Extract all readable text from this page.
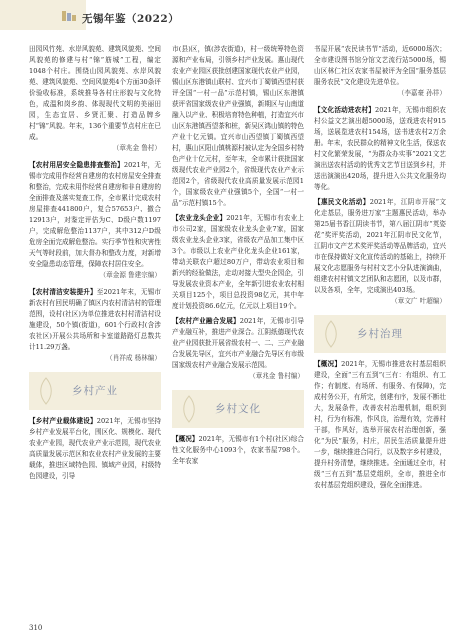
无锡年鉴（2022）

田园风竹苑、水岸风貌苑、建筑风貌苑、空间风貌苑的修建与村“锦”筋城”工程，编定1048个村庄。围绕山园风貌苑、水岸风貌苑、建筑风貌苑、空间风貌苑4个方面30条评价验收标准，系统推导各村庄形貌与文化特色，成温和岗乡韵、体现现代文明的美丽田园，生态宜居、乡贤汇聚、打造品牌乡村“锦”风貌。年末，136个重要节点村庄在已成。

（章兆金 鲁村）

【农村用居安全隐患排查整治】2021年，无锡市完成用作经营自建房的农村房屋安全排查和整治，完成未用作经营自建房和非自建房的全面排查及落实复查工作，全市累计完成农村房屋排查441800户，复合57653户、撤合12913户，对鉴定评估为C、D级户数1197户，完成解危整治1137户，其中312户D级危房全面完成解危整治。实行季节性和灾害性天气等时段前，加大督办和整改力度，对新增安全隐患动态管理，保障农村居住安全。

（章金源 鲁建宗编）

【农村清洁安装提升】至2021年末，无锡市新农村有回民明确了镇区内农村清洁村的管理范围，设村(社区)为单位推进农村村清洁村设施建设，50个镇(街道)，601个行政村(含涉农社区)开展公共场所和卡室道路路灯总数共计11.29万盏。

（肖祥成 杨林编）

乡村产业

【乡村产业载体建设】2021年，无锡市坚持乡村产业发展平台化，围区化、规模化、现代农业产业园，现代农业产业示范园，现代农业高质量发展示范区和农业农村产业发展的主要载体，推进区域特色园、镇域产业园，村级特色园建设，引导

市(县)区，镇(涉农街道)，村一级统筹特色资源和产业布局，引领乡村产业发展。惠山现代农业产业园区获批创建国家现代农业产业园，锡山区东港镇山联村、宜兴市丁蜀镇西望村获评全国“一村一品”示范村镇，锡山区东港镇获评省国家级农业产业强镇，新期区与山南道融入以产业、积极培育特色种植，打造宜兴市山区东港镇西望茶和桩，新吴区鸿山镇的特色产业十亿元镇。宜兴市山西望镇丁蜀镇西望村，惠山区阳山镇桃源村被认定为全国乡村特色产业十亿元村，至年末，全市累计获批国家级现代农业产业园2个，省级现代农业产业示范园2个，省级现代农业高质量发展示范园1个，国家级农业产业强镇5个，全国“一村一品”示范村镇15个。

【农业龙头企业】2021年，无锡市有农业上市公司2家，国家级农业龙头企业7家，国家级农业龙头企业3家，省级农产品加工集中区3个。市级以上农业产业化龙头企业161家，带动关联农户超过80万户，带动农业项目和新兴的经验做法，走动对接大型央企园企，引导发展农业资本产业，全年新引进农业农村相关项目125个，项目总投资98亿元，其中年度计划投资86.6亿元，亿元以上项目19个。

【农村产业融合发展】2021年，无锡市引导产业融互补，推进产业深合。江阴纸德现代农业产业园获批开展省级农村一、二、三产业融合发展先导区，宜兴市产业融合先导区有市级国家级农村产业融合发展示范园。

（章兆金 鲁村编）

乡村文化

【概况】2021年，无锡市有1个村(社区)综合性文化服务中心1093个，农家书屋798个。全年农家

书屋开展“农民读书节”活动，近6000场次；全市建设图书馆分馆文艺流行站5000场，锡山区林仁社区农家书屋被评为全国“服务基层服务农民”文化建设先进单位。

（李嘉豪 孙祥）

【文化活动进农村】2021年，无锡市组织农村公益文艺演出超5000场，送戏进农村915场，送展览进农村154场，送书进农村2万余册。年末，农民群众的精神文化生活，保送农村文化繁荣发展，“为群众办实事”2021文艺演出送农村活动的优秀文艺节目送到乡村，并送出演演出420场，提升进入公共文化服务均等化。

【惠民文化活动】2021年，江阴市开展“文化走基层，服务进万家”主题惠民活动，举办第25届书香江阴读书节，第八届江阴市“英姿花”奖评奖活动，2021年江阴市民文化节，江阴市文产艺术奖评奖活动等品牌活动，宜兴市在保持做好文化宣传活动的基础上，持续开展文化志愿服务与村村文艺小分队进演滴曲，组建农村村镇文艺团队和志愿团，以及市群，以及各项，全年，完成演出403场。

（章文广 叶超编）

乡村治理

【概况】2021年，无锡市推进农村基层组织建设，全面“三有五到”(三有：有组织、有工作；有制度、有场所、有服务、有保障)，完成村务公开，有所完，创建有序，发展不断壮大，发展条件，改善农村治理机制，组织到村，行为有标准，作风良，治理有效，完善村干部，作风好，选举开展农村治理创新，强化“为民”服务，村庄，居民生活质量提升进一步，继续推进合同行，以及数字乡村建设，提升村务清楚，继续推进。全面通过全市，村级“三有五到”基层党组织，全市，推进全市农村基层党组织建设，强化全面推进。

310
